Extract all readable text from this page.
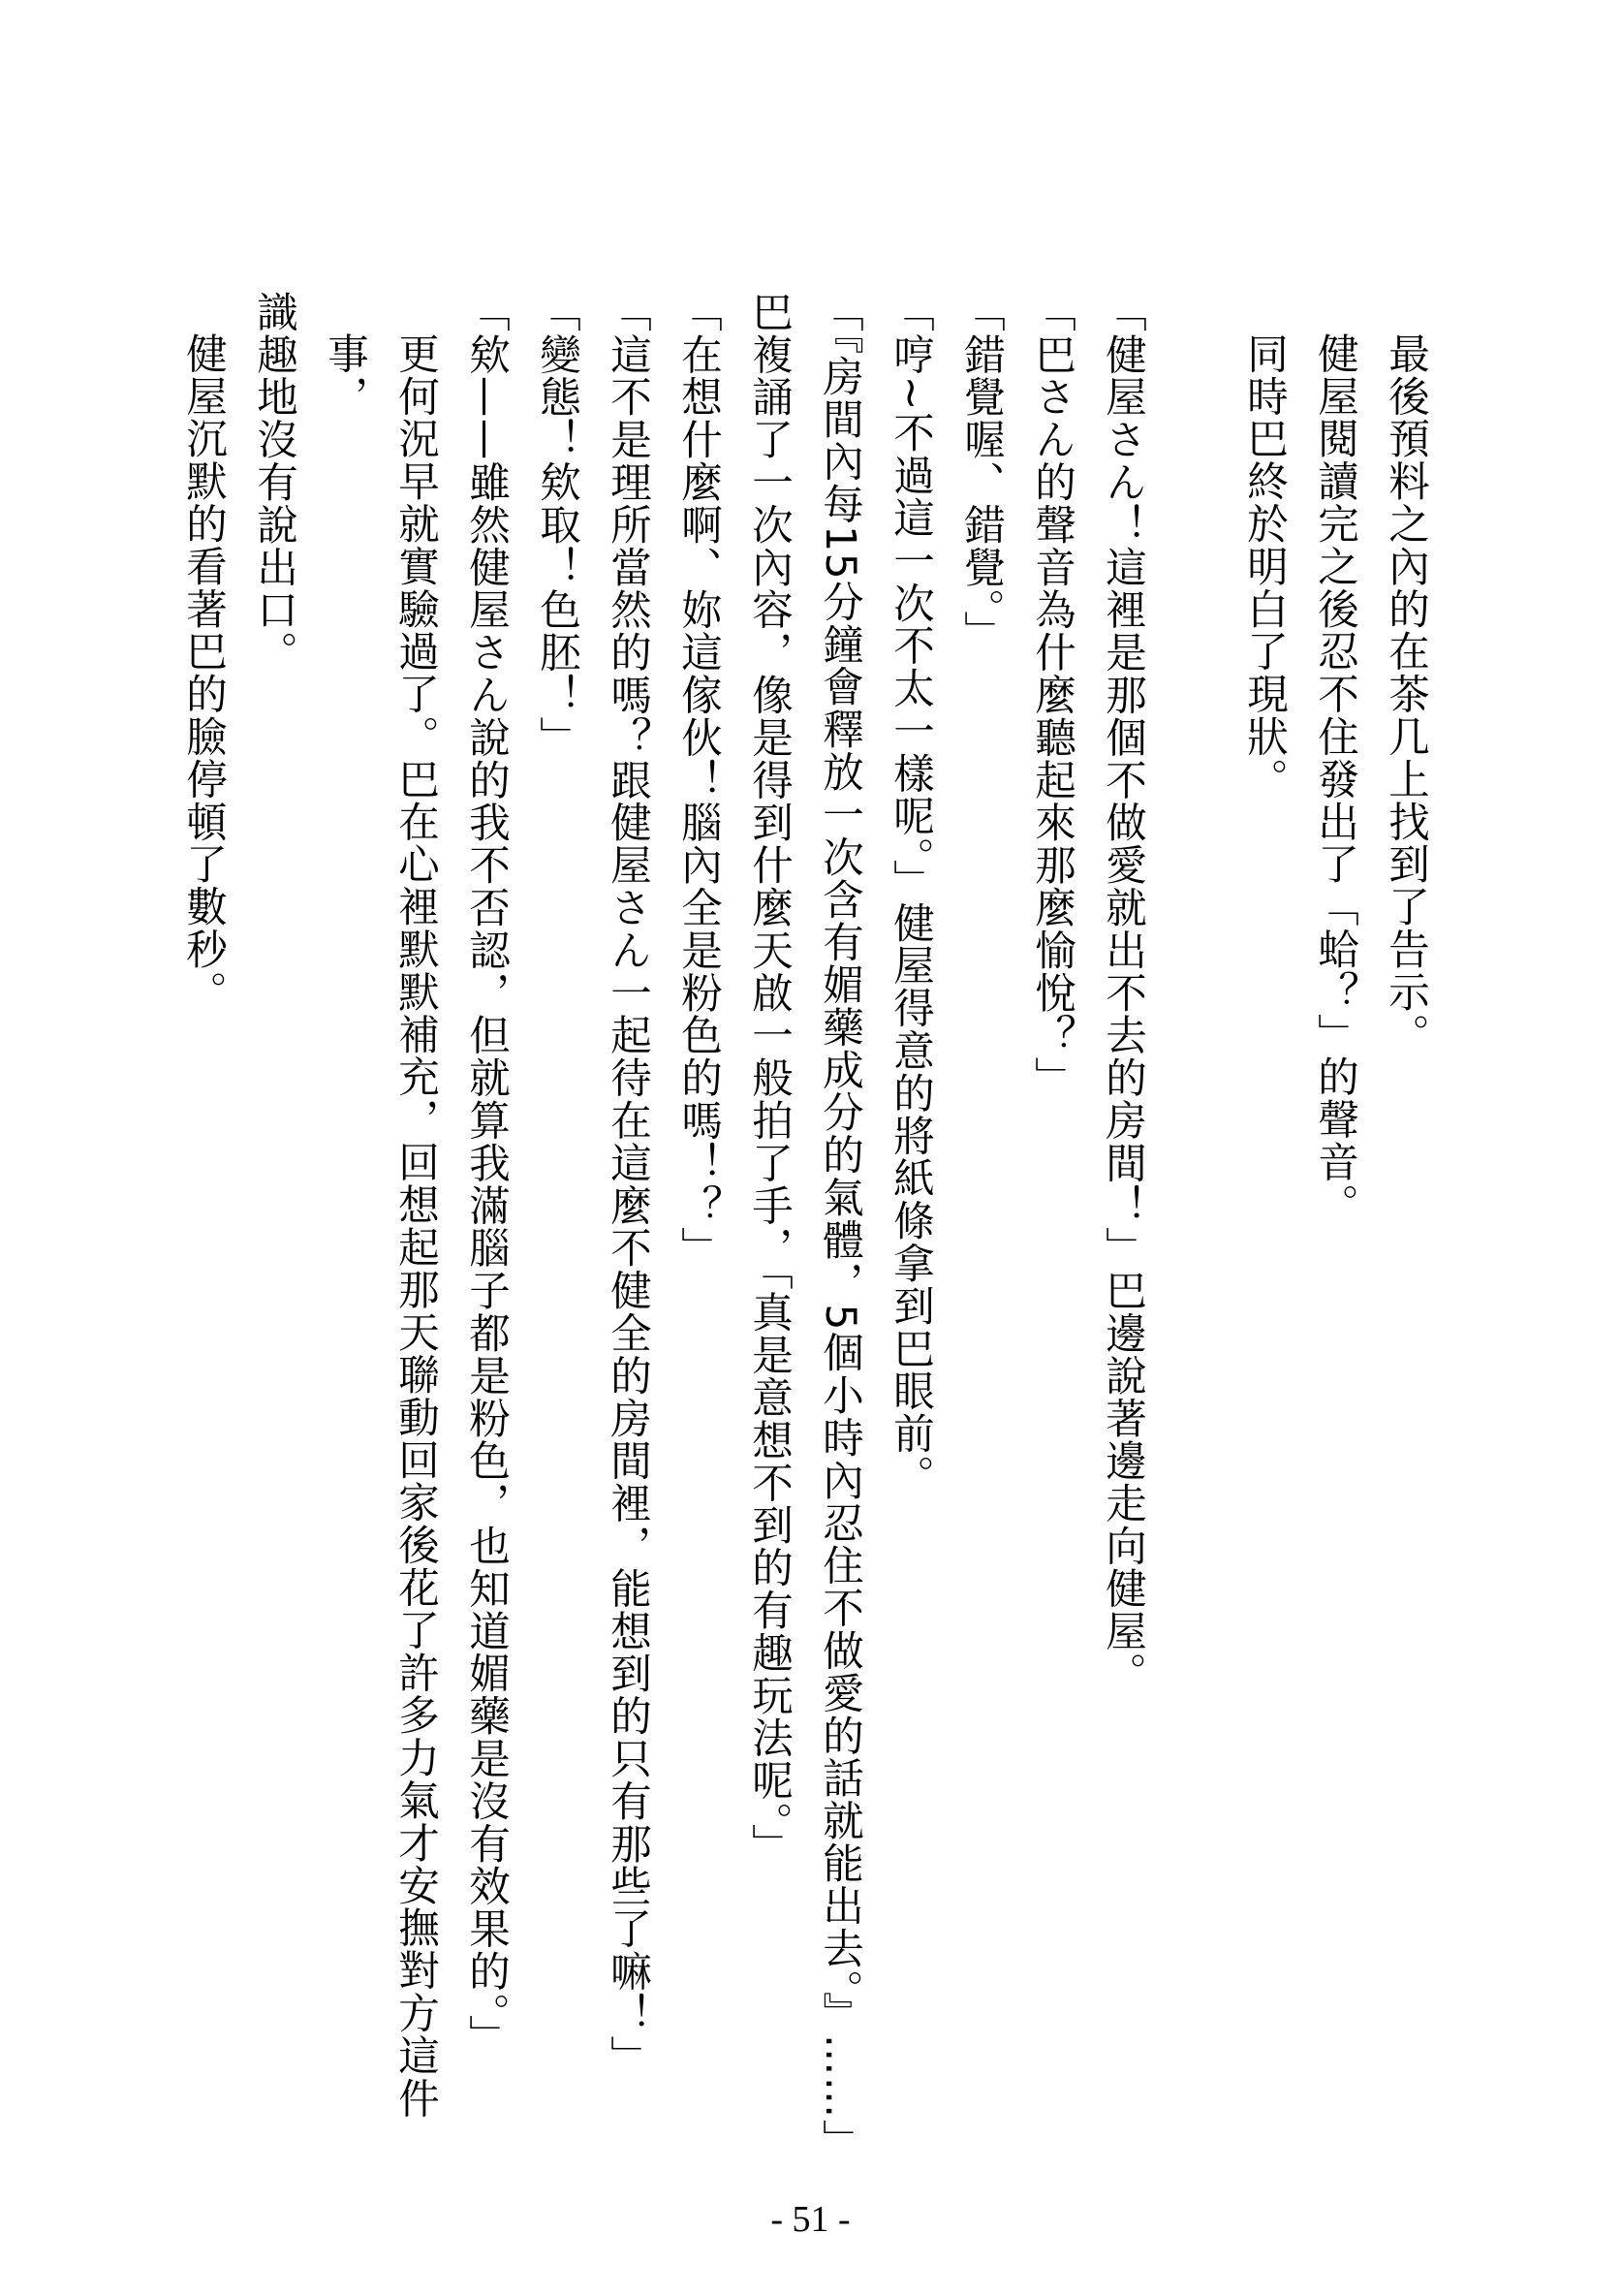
最後預料之內的在茶几上找到了告示。
健屋閱讀完之後忍不住發出了「蛤？」的聲音。
同時巴終於明白了現狀。
「健屋さん！這裡是那個不做愛就出不去的房間！」巴邊說著邊走向健屋。
「巴さん的聲音為什麼聽起來那麼愉悅？」
「錯覺喔、錯覺。」
「哼~不過這一次不太一樣呢。」健屋得意的將紙條拿到巴眼前。
「『房間內每15分鐘會釋放一次含有媚藥成分的氣體，5個小時內忍住不做愛的話就能出去。』……」
巴複誦了一次內容，像是得到什麼天啟一般拍了手，「真是意想不到的有趣玩法呢。」
「在想什麼啊、妳這傢伙！腦內全是粉色的嗎！？」
「這不是理所當然的嗎？跟健屋さん一起待在這麼不健全的房間裡，能想到的只有那些了嘛！」
「變態！欸取！色胚！」
「欸——雖然健屋さん說的我不否認，但就算我滿腦子都是粉色，也知道媚藥是沒有效果的。」
更何況早就實驗過了。巴在心裡默默補充，回想起那天聯動回家後花了許多力氣才安撫對方這件事，
識趣地沒有說出口。
健屋沉默的看著巴的臉停頓了數秒。
- 51 -
